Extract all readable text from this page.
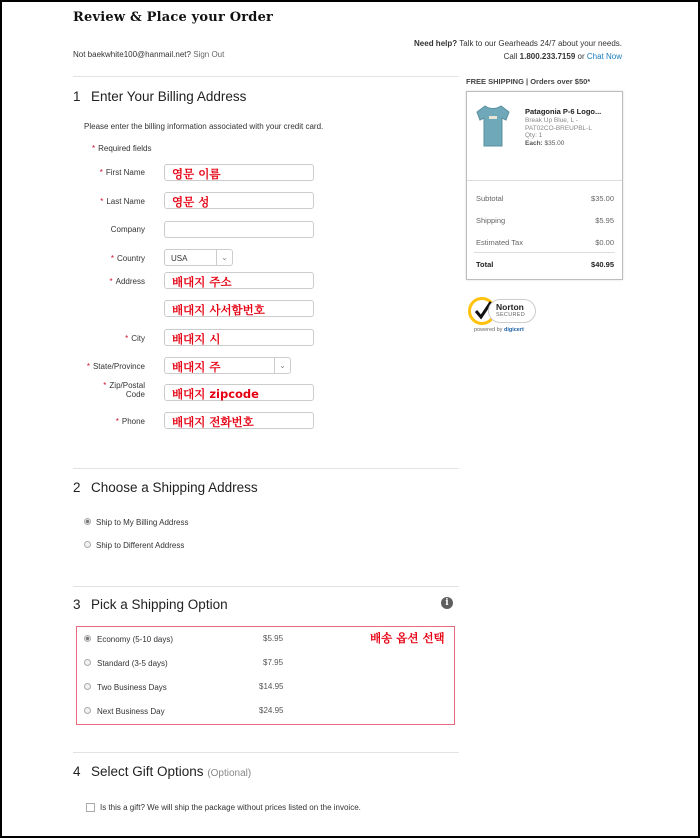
Review & Place your Order
Not baekwhite100@hanmail.net? Sign Out
Need help? Talk to our Gearheads 24/7 about your needs.
Call 1.800.233.7159 or Chat Now
1 Enter Your Billing Address
Please enter the billing information associated with your credit card.
* Required fields
* First Name 영문 이름
* Last Name 영문 성
Company
* Country	USA	⌄
* Address 배대지 주소
배대지 사서함번호
* City 배대지 시
* State/Province 배대지 주	⌄
* Zip/Postal
Code 배대지 zipcode
* Phone 배대지 전화번호
2 Choose a Shipping Address
Ship to My Billing Address
Ship to Different Address
3 Pick a Shipping Option	i
배송 옵션 선택
Economy (5-10 days)	$5.95
Standard (3-5 days)	$7.95
Two Business Days	$14.95
Next Business Day	$24.95
4 Select Gift Options (Optional)
Is this a gift? We will ship the package without prices listed on the invoice.
FREE SHIPPING | Orders over $50*
Patagonia P-6 Logo...
Break Up Blue, L -
PAT02CO-BREUPBL-L
Qty: 1
Each: $35.00
Subtotal	$35.00
Shipping	$5.95
Estimated Tax	$0.00
Total	$40.95
Norton
SECURED
powered by digicert
